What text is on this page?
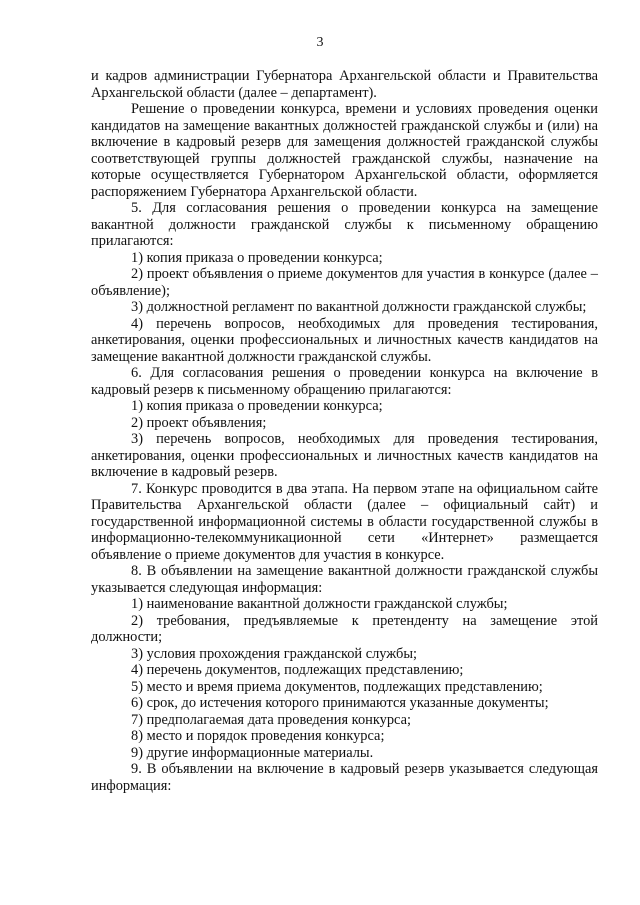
3

и кадров администрации Губернатора Архангельской области и Правительства Архангельской области (далее – департамент).

Решение о проведении конкурса, времени и условиях проведения оценки кандидатов на замещение вакантных должностей гражданской службы и (или) на включение в кадровый резерв для замещения должностей гражданской службы соответствующей группы должностей гражданской службы, назначение на которые осуществляется Губернатором Архангельской области, оформляется распоряжением Губернатора Архангельской области.

5. Для согласования решения о проведении конкурса на замещение вакантной должности гражданской службы к письменному обращению прилагаются:

1) копия приказа о проведении конкурса;

2) проект объявления о приеме документов для участия в конкурсе (далее – объявление);

3) должностной регламент по вакантной должности гражданской службы;

4) перечень вопросов, необходимых для проведения тестирования, анкетирования, оценки профессиональных и личностных качеств кандидатов на замещение вакантной должности гражданской службы.

6. Для согласования решения о проведении конкурса на включение в кадровый резерв к письменному обращению прилагаются:

1) копия приказа о проведении конкурса;

2) проект объявления;

3) перечень вопросов, необходимых для проведения тестирования, анкетирования, оценки профессиональных и личностных качеств кандидатов на включение в кадровый резерв.

7. Конкурс проводится в два этапа. На первом этапе на официальном сайте Правительства Архангельской области (далее – официальный сайт) и государственной информационной системы в области государственной службы в информационно-телекоммуникационной сети «Интернет» размещается объявление о приеме документов для участия в конкурсе.

8. В объявлении на замещение вакантной должности гражданской службы указывается следующая информация:

1) наименование вакантной должности гражданской службы;

2) требования, предъявляемые к претенденту на замещение этой должности;

3) условия прохождения гражданской службы;

4) перечень документов, подлежащих представлению;

5) место и время приема документов, подлежащих представлению;

6) срок, до истечения которого принимаются указанные документы;

7) предполагаемая дата проведения конкурса;

8) место и порядок проведения конкурса;

9) другие информационные материалы.

9. В объявлении на включение в кадровый резерв указывается следующая информация:
